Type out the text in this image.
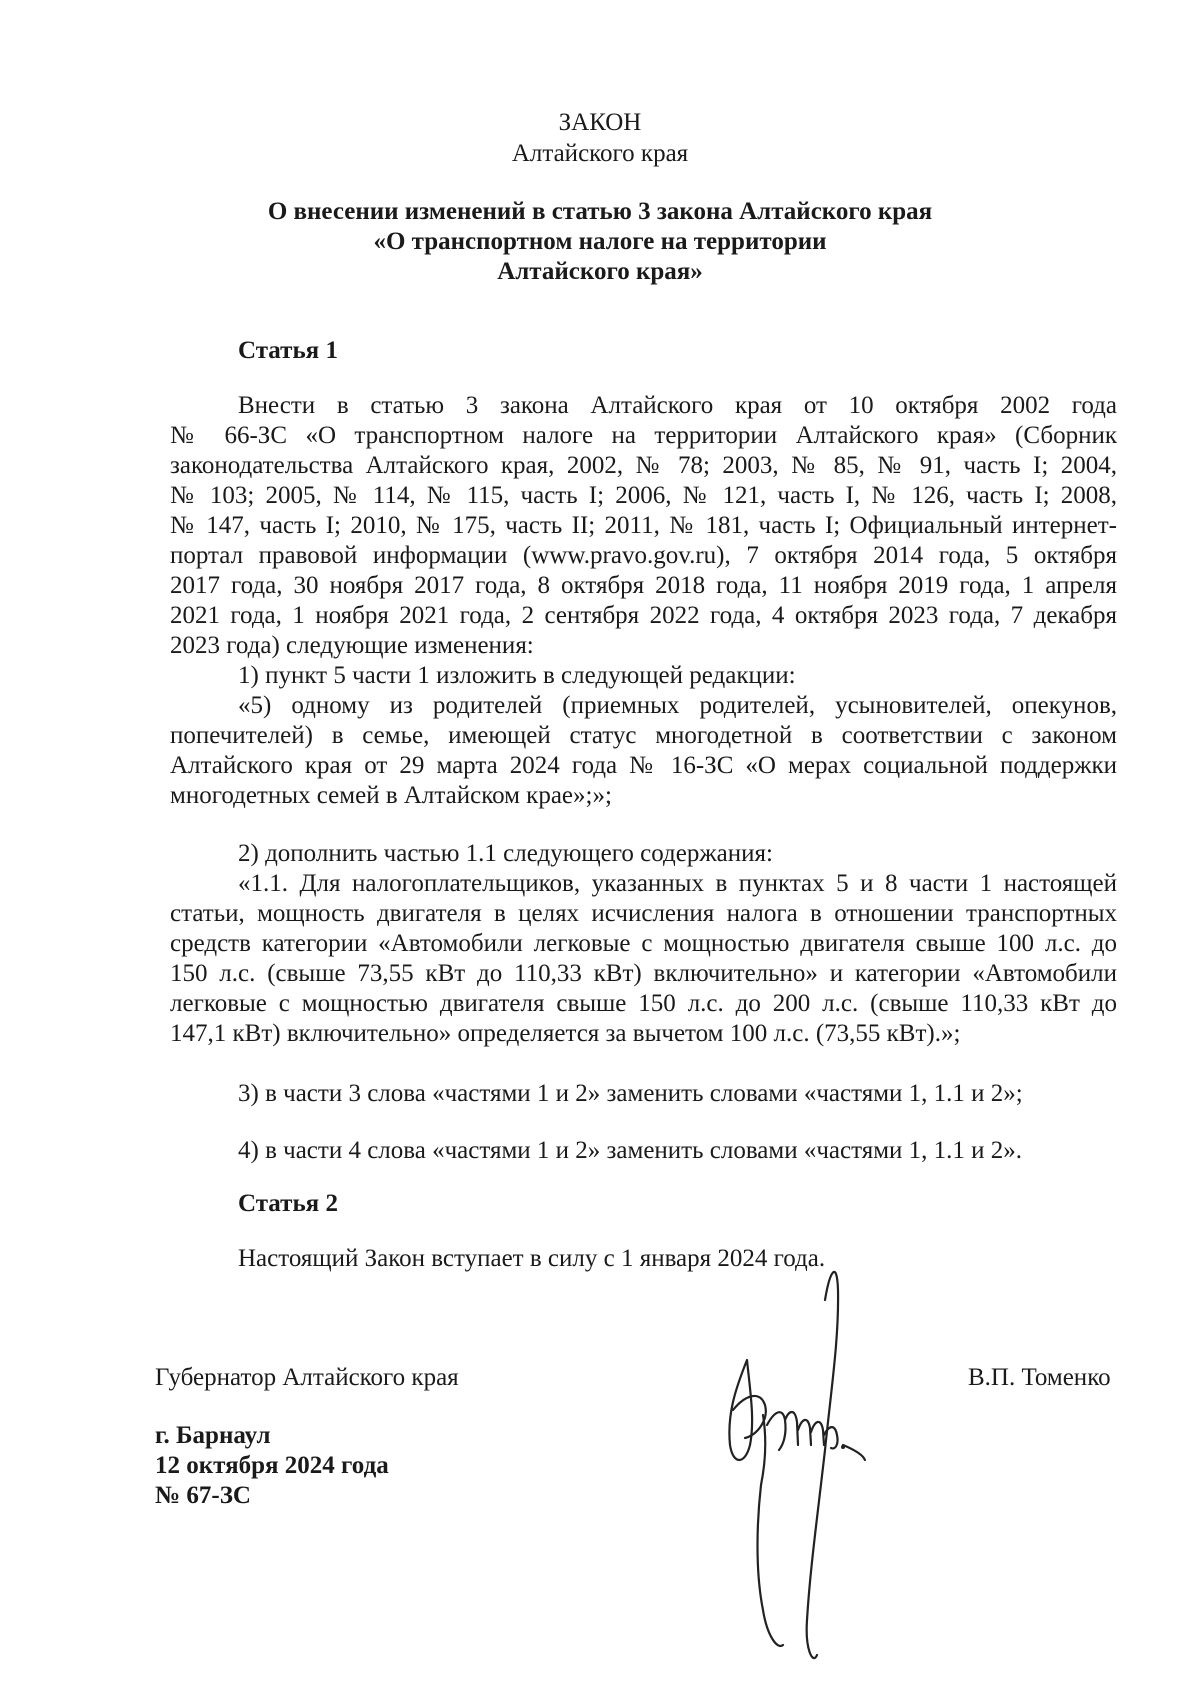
ЗАКОН
Алтайского края
О внесении изменений в статью 3 закона Алтайского края
«О транспортном налоге на территории
Алтайского края»
Статья 1
Внести в статью 3 закона Алтайского края от 10 октября 2002 года
№ 66-ЗС «О транспортном налоге на территории Алтайского края» (Сборник
законодательства Алтайского края, 2002, № 78; 2003, № 85, № 91, часть I; 2004,
№ 103; 2005, № 114, № 115, часть I; 2006, № 121, часть I, № 126, часть I; 2008,
№ 147, часть I; 2010, № 175, часть II; 2011, № 181, часть I; Официальный интернет-
портал правовой информации (www.pravo.gov.ru), 7 октября 2014 года, 5 октября
2017 года, 30 ноября 2017 года, 8 октября 2018 года, 11 ноября 2019 года, 1 апреля
2021 года, 1 ноября 2021 года, 2 сентября 2022 года, 4 октября 2023 года, 7 декабря
2023 года) следующие изменения:
1) пункт 5 части 1 изложить в следующей редакции:
«5) одному из родителей (приемных родителей, усыновителей, опекунов,
попечителей) в семье, имеющей статус многодетной в соответствии с законом
Алтайского края от 29 марта 2024 года № 16-ЗС «О мерах социальной поддержки
многодетных семей в Алтайском крае»;»;
2) дополнить частью 1.1 следующего содержания:
«1.1. Для налогоплательщиков, указанных в пунктах 5 и 8 части 1 настоящей
статьи, мощность двигателя в целях исчисления налога в отношении транспортных
средств категории «Автомобили легковые с мощностью двигателя свыше 100 л.с. до
150 л.с. (свыше 73,55 кВт до 110,33 кВт) включительно» и категории «Автомобили
легковые с мощностью двигателя свыше 150 л.с. до 200 л.с. (свыше 110,33 кВт до
147,1 кВт) включительно» определяется за вычетом 100 л.с. (73,55 кВт).»;
3) в части 3 слова «частями 1 и 2» заменить словами «частями 1, 1.1 и 2»;
4) в части 4 слова «частями 1 и 2» заменить словами «частями 1, 1.1 и 2».
Статья 2
Настоящий Закон вступает в силу с 1 января 2024 года.
Губернатор Алтайского края	В.П. Томенко
г. Барнаул
12 октября 2024 года
№ 67-ЗС
